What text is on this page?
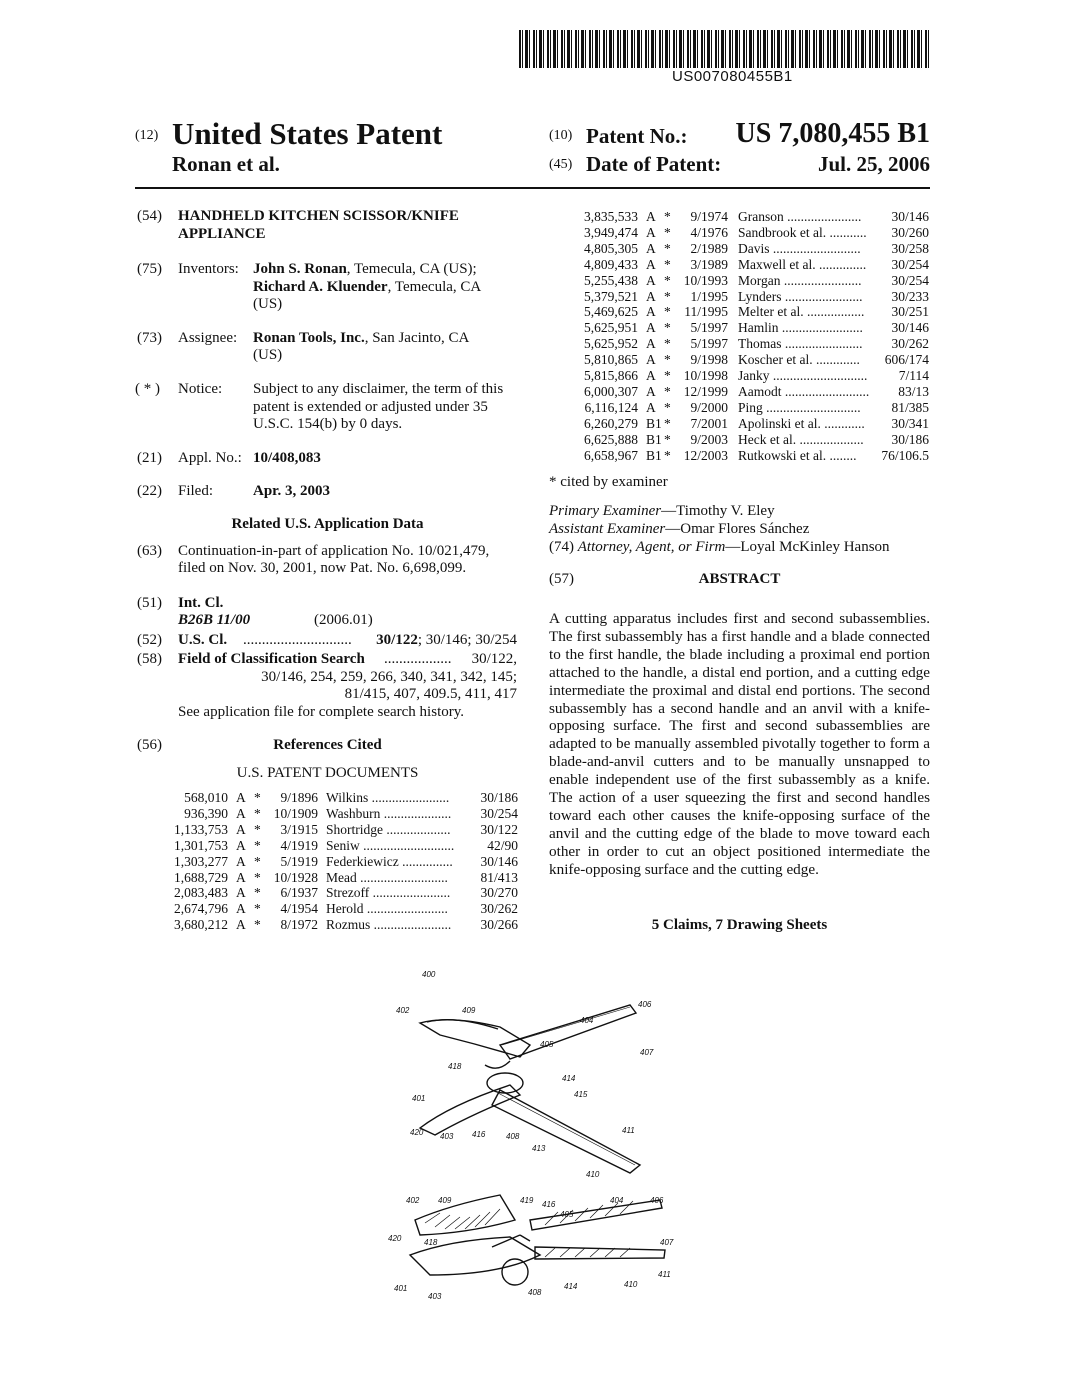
US007080455B1
(12) United States Patent
Ronan et al.
(10) Patent No.: US 7,080,455 B1
(45) Date of Patent:	Jul. 25, 2006
(54) HANDHELD KITCHEN SCISSOR/KNIFE
APPLIANCE
(75) Inventors: John S. Ronan, Temecula, CA (US);
Richard A. Kluender, Temecula, CA
(US)
(73) Assignee: Ronan Tools, Inc., San Jacinto, CA
(US)
( * ) Notice: Subject to any disclaimer, the term of this
patent is extended or adjusted under 35
U.S.C. 154(b) by 0 days.
(21) Appl. No.: 10/408,083
(22) Filed:	Apr. 3, 2003
Related U.S. Application Data
(63) Continuation-in-part of application No. 10/021,479,
filed on Nov. 30, 2001, now Pat. No. 6,698,099.
(51) Int. Cl.
B26B 11/00	(2006.01)
(52) U.S. Cl. ............................. 30/122; 30/146; 30/254
(58) Field of Classification Search .................. 30/122,
30/146, 254, 259, 266, 340, 341, 342, 145;
81/415, 407, 409.5, 411, 417
See application file for complete search history.
(56)	References Cited
U.S. PATENT DOCUMENTS
568,010 A * 9/1896 Wilkins ....................... 30/186
936,390 A * 10/1909 Washburn .................... 30/254
1,133,753 A * 3/1915 Shortridge ................... 30/122
1,301,753 A * 4/1919 Seniw ........................... 42/90
1,303,277 A * 5/1919 Federkiewicz ............... 30/146
1,688,729 A * 10/1928 Mead .......................... 81/413
2,083,483 A * 6/1937 Strezoff ....................... 30/270
2,674,796 A * 4/1954 Herold ........................ 30/262
3,680,212 A * 8/1972 Rozmus ....................... 30/266
3,835,533 A * 9/1974 Granson ...................... 30/146
3,949,474 A * 4/1976 Sandbrook et al. ........... 30/260
4,805,305 A * 2/1989 Davis .......................... 30/258
4,809,433 A * 3/1989 Maxwell et al. .............. 30/254
5,255,438 A * 10/1993 Morgan ....................... 30/254
5,379,521 A * 1/1995 Lynders ....................... 30/233
5,469,625 A * 11/1995 Melter et al. ................. 30/251
5,625,951 A * 5/1997 Hamlin ........................ 30/146
5,625,952 A * 5/1997 Thomas ....................... 30/262
5,810,865 A * 9/1998 Koscher et al. ............. 606/174
5,815,866 A * 10/1998 Janky ............................ 7/114
6,000,307 A * 12/1999 Aamodt ......................... 83/13
6,116,124 A * 9/2000 Ping ............................ 81/385
6,260,279 B1 * 7/2001 Apolinski et al. ............ 30/341
6,625,888 B1 * 9/2003 Heck et al. ................... 30/186
6,658,967 B1 * 12/2003 Rutkowski et al. ........ 76/106.5
* cited by examiner
Primary Examiner—Timothy V. Eley
Assistant Examiner—Omar Flores Sánchez
(74) Attorney, Agent, or Firm—Loyal McKinley Hanson
(57)	ABSTRACT
A cutting apparatus includes first and second subassemblies. The first subassembly has a first handle and a blade connected to the first handle, the blade including a proximal end portion attached to the handle, a distal end portion, and a cutting edge intermediate the proximal and distal end portions. The second subassembly has a second handle and an anvil with a knife-opposing surface. The first and second subassemblies are adapted to be manually assembled pivotally together to form a blade-and-anvil cutters and to be manually unsnapped to enable independent use of the first subassembly as a knife. The action of a user squeezing the first and second handles toward each other causes the knife-opposing surface of the anvil and the cutting edge of the blade to move toward each other in order to cut an object positioned intermediate the knife-opposing surface and the cutting edge.
5 Claims, 7 Drawing Sheets
400
402	409
404
406
405
407
418
414
415
401
420 403 416	408
411
413
410
402 409	419 416	404	406
405
420	418	407
401
403	408
414	410
411
